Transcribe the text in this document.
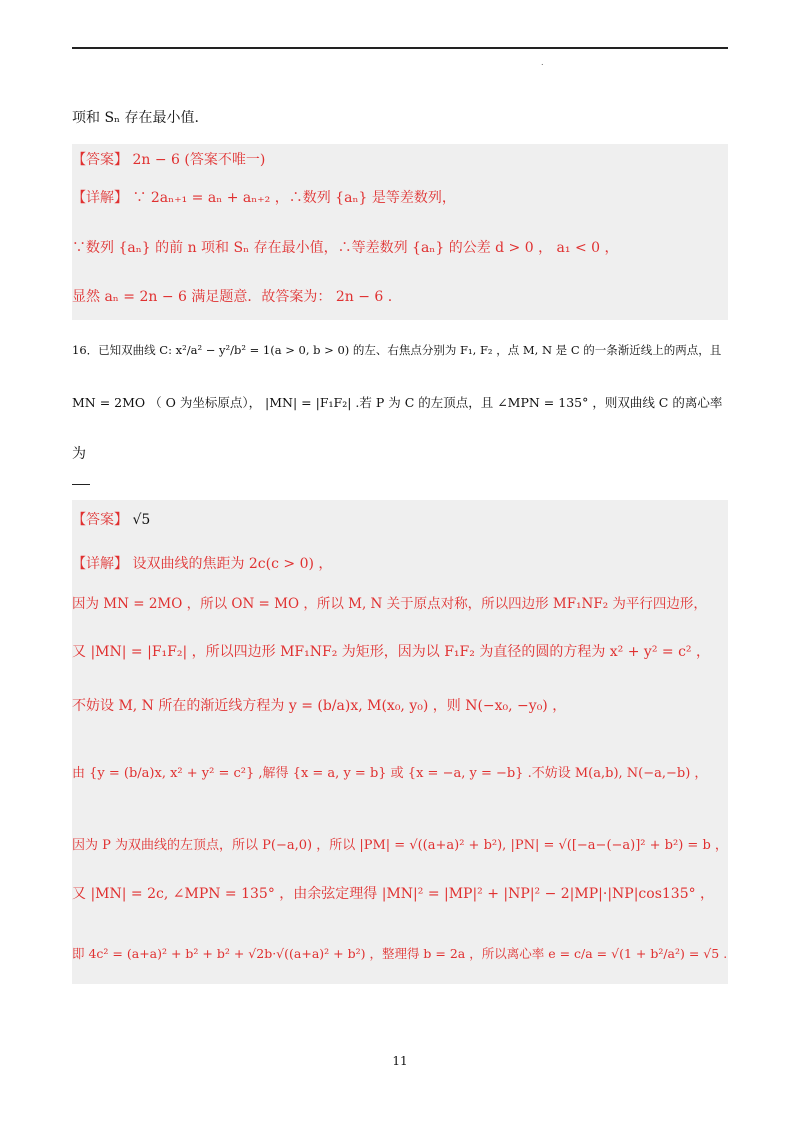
.
项和 Sₙ 存在最小值.
【答案】 2n − 6 (答案不唯一)
【详解】 ∵ 2aₙ₊₁ = aₙ + aₙ₊₂ ，∴数列 {aₙ} 是等差数列，
∵数列 {aₙ} 的前 n 项和 Sₙ 存在最小值，∴等差数列 {aₙ} 的公差 d > 0 ， a₁ < 0 ，
显然 aₙ = 2n − 6 满足题意．故答案为： 2n − 6 .
16．已知双曲线 C: x²/a² − y²/b² = 1(a > 0, b > 0) 的左、右焦点分别为 F₁, F₂ ，点 M, N 是 C 的一条渐近线上的两点，且
MN = 2MO （ O 为坐标原点）， |MN| = |F₁F₂| .若 P 为 C 的左顶点，且 ∠MPN = 135° ，则双曲线 C 的离心率
为
【答案】 √5
【详解】 设双曲线的焦距为 2c(c > 0) ，
因为 MN = 2MO ，所以 ON = MO ，所以 M, N 关于原点对称，所以四边形 MF₁NF₂ 为平行四边形，
又 |MN| = |F₁F₂| ，所以四边形 MF₁NF₂ 为矩形，因为以 F₁F₂ 为直径的圆的方程为 x² + y² = c² ，
不妨设 M, N 所在的渐近线方程为 y = (b/a)x, M(x₀, y₀) ，则 N(−x₀, −y₀) ，
由 {y = (b/a)x, x² + y² = c²} ,解得 {x = a, y = b} 或 {x = −a, y = −b} .不妨设 M(a,b), N(−a,−b) ，
因为 P 为双曲线的左顶点，所以 P(−a,0) ，所以 |PM| = √((a+a)² + b²), |PN| = √([−a−(−a)]² + b²) = b ，
又 |MN| = 2c, ∠MPN = 135° ，由余弦定理得 |MN|² = |MP|² + |NP|² − 2|MP|·|NP|cos135° ，
即 4c² = (a+a)² + b² + b² + √2b·√((a+a)² + b²) ，整理得 b = 2a ，所以离心率 e = c/a = √(1 + b²/a²) = √5 .
11
